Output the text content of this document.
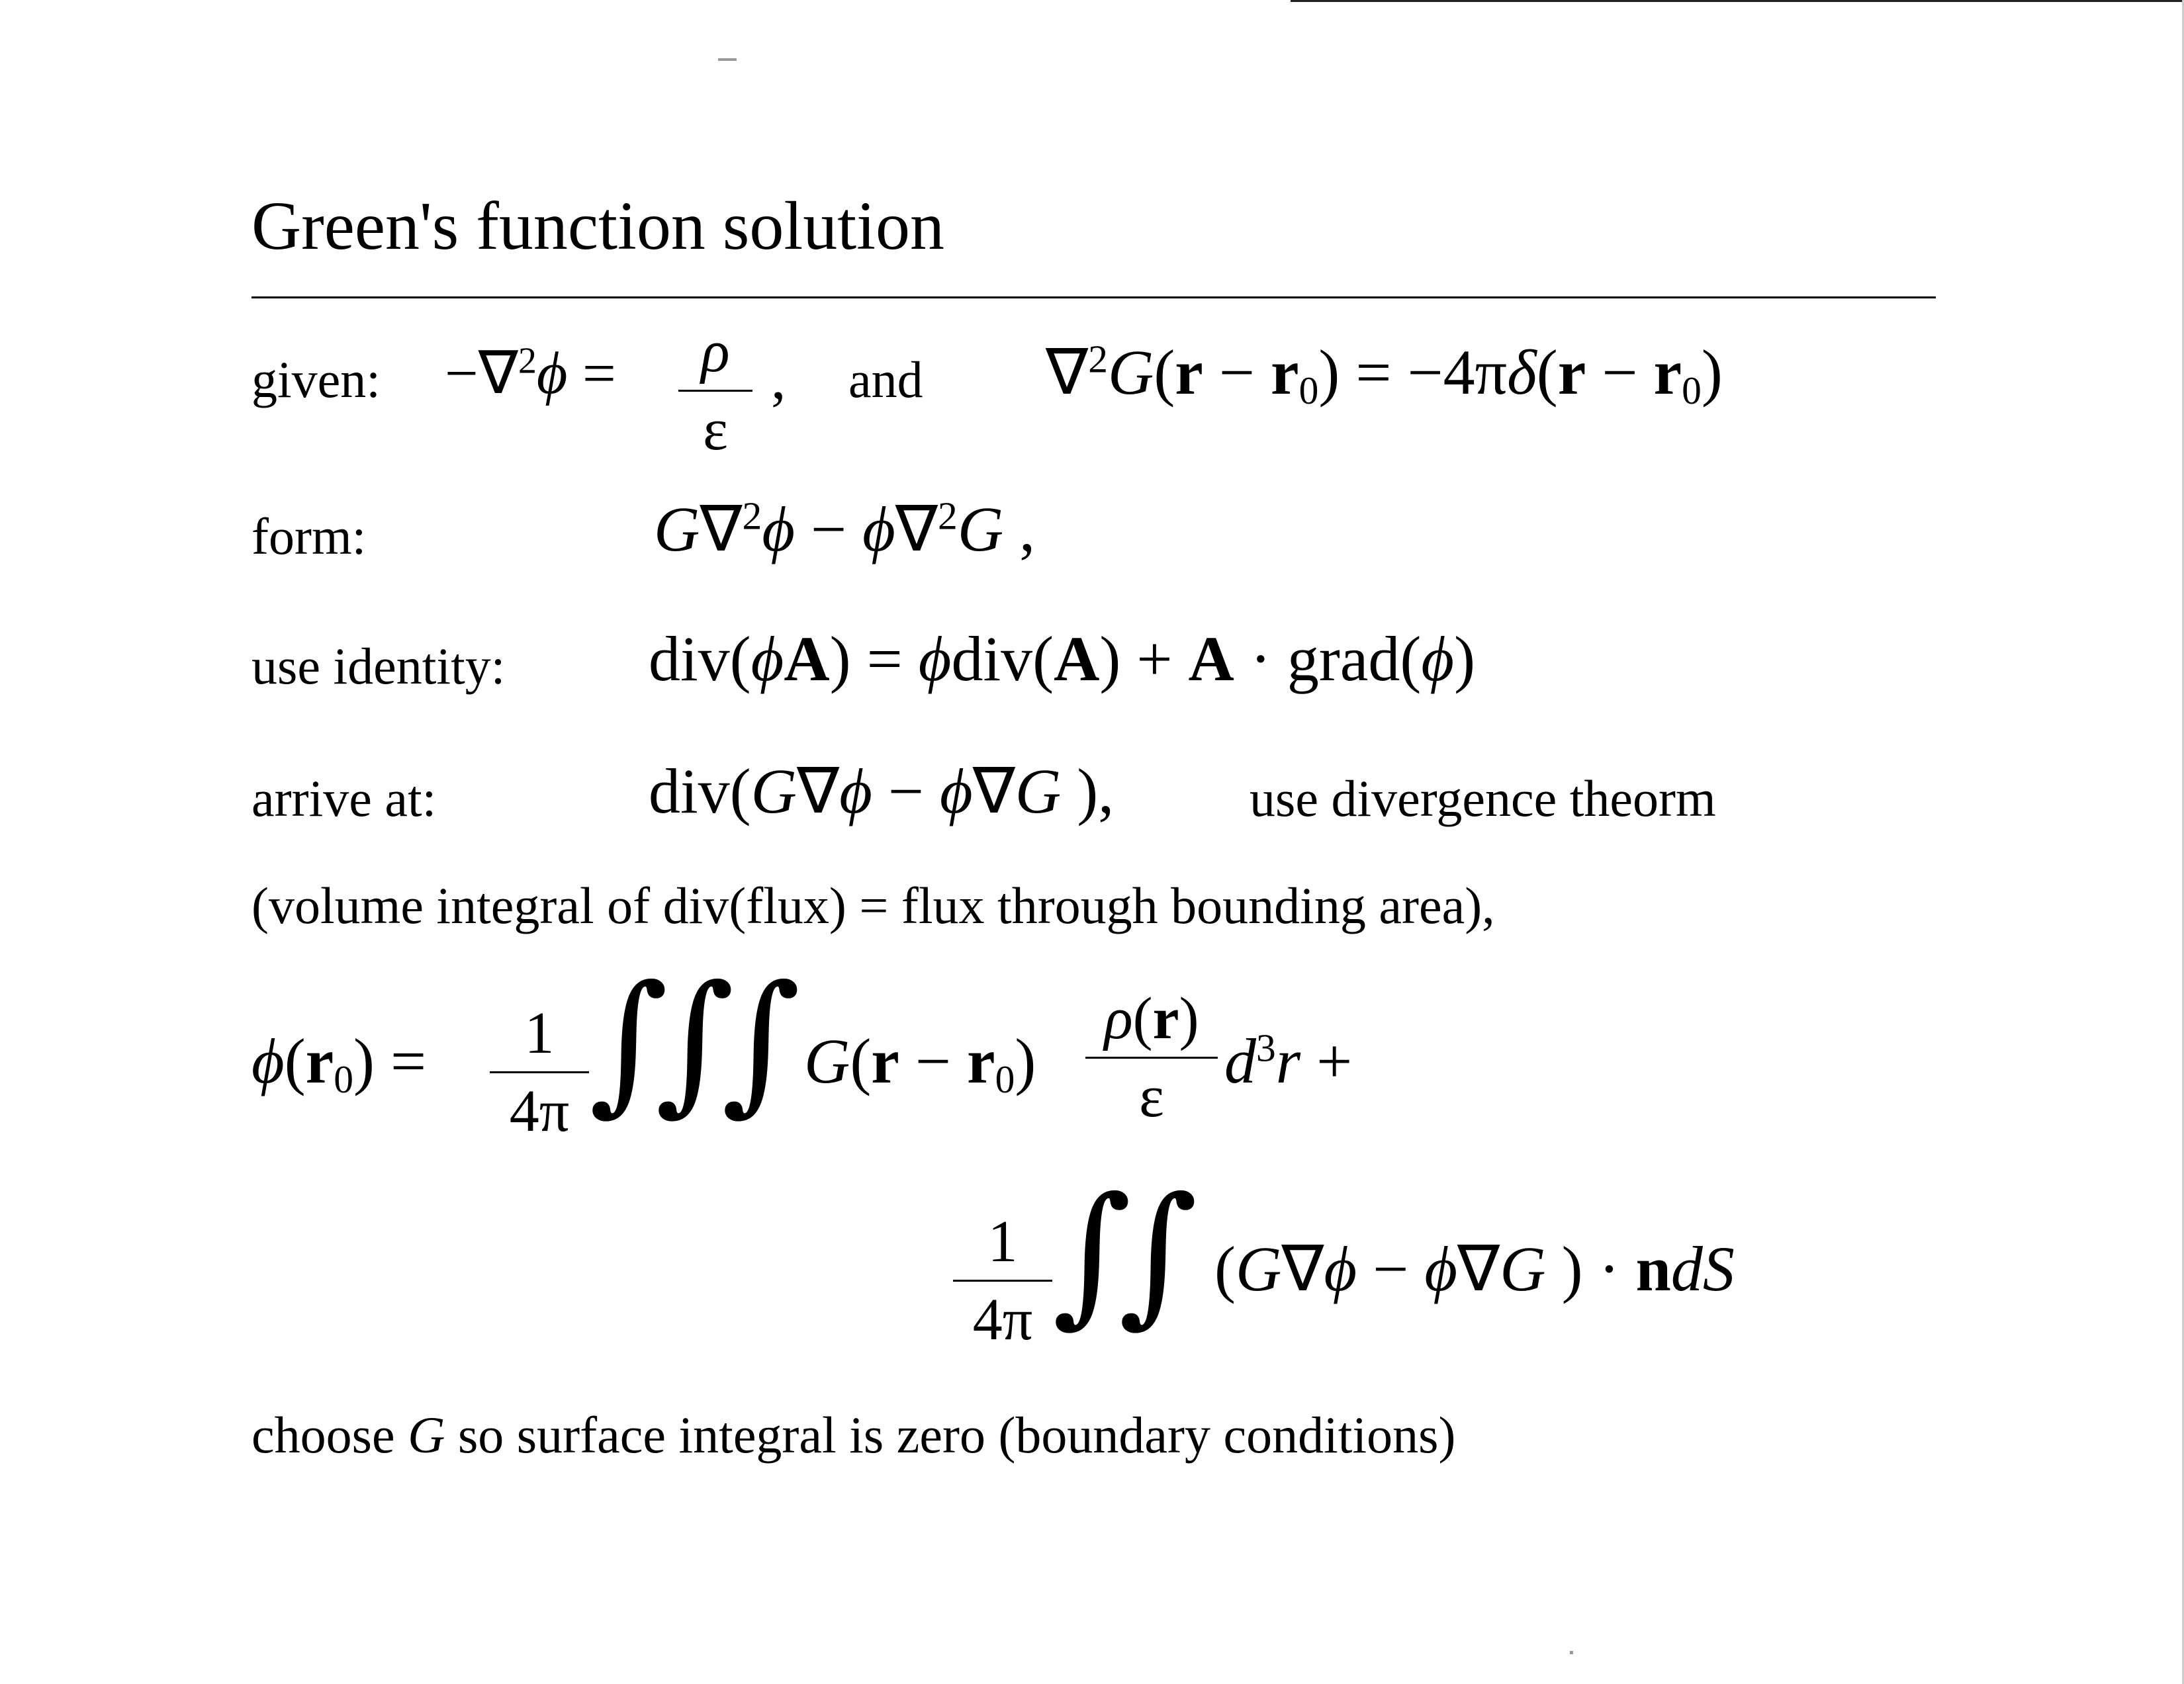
Green's function solution
given: −∇$^2$ϕ =	ρ
ε
, and $\nabla^2G(r - r_0) = -4\pi\delta(r - r_0)$
form:	G∇$^2$ϕ − ϕ∇$^2$G ,
use identity: div(ϕA) = ϕdiv(A) + A · grad(ϕ)
arrive at:	div(G∇ϕ − ϕ∇G ),	use divergence theorm
(volume integral of div(flux) = flux through bounding area),
$\phi(r_0)$ =	1
4π ∫
∫
∫ $G(r - r_0)$
ρ(r)
ε
$d^3r$ +
1
4π ∫
∫ (G∇ϕ − ϕ∇G ) · ndS
choose G so surface integral is zero (boundary conditions)
